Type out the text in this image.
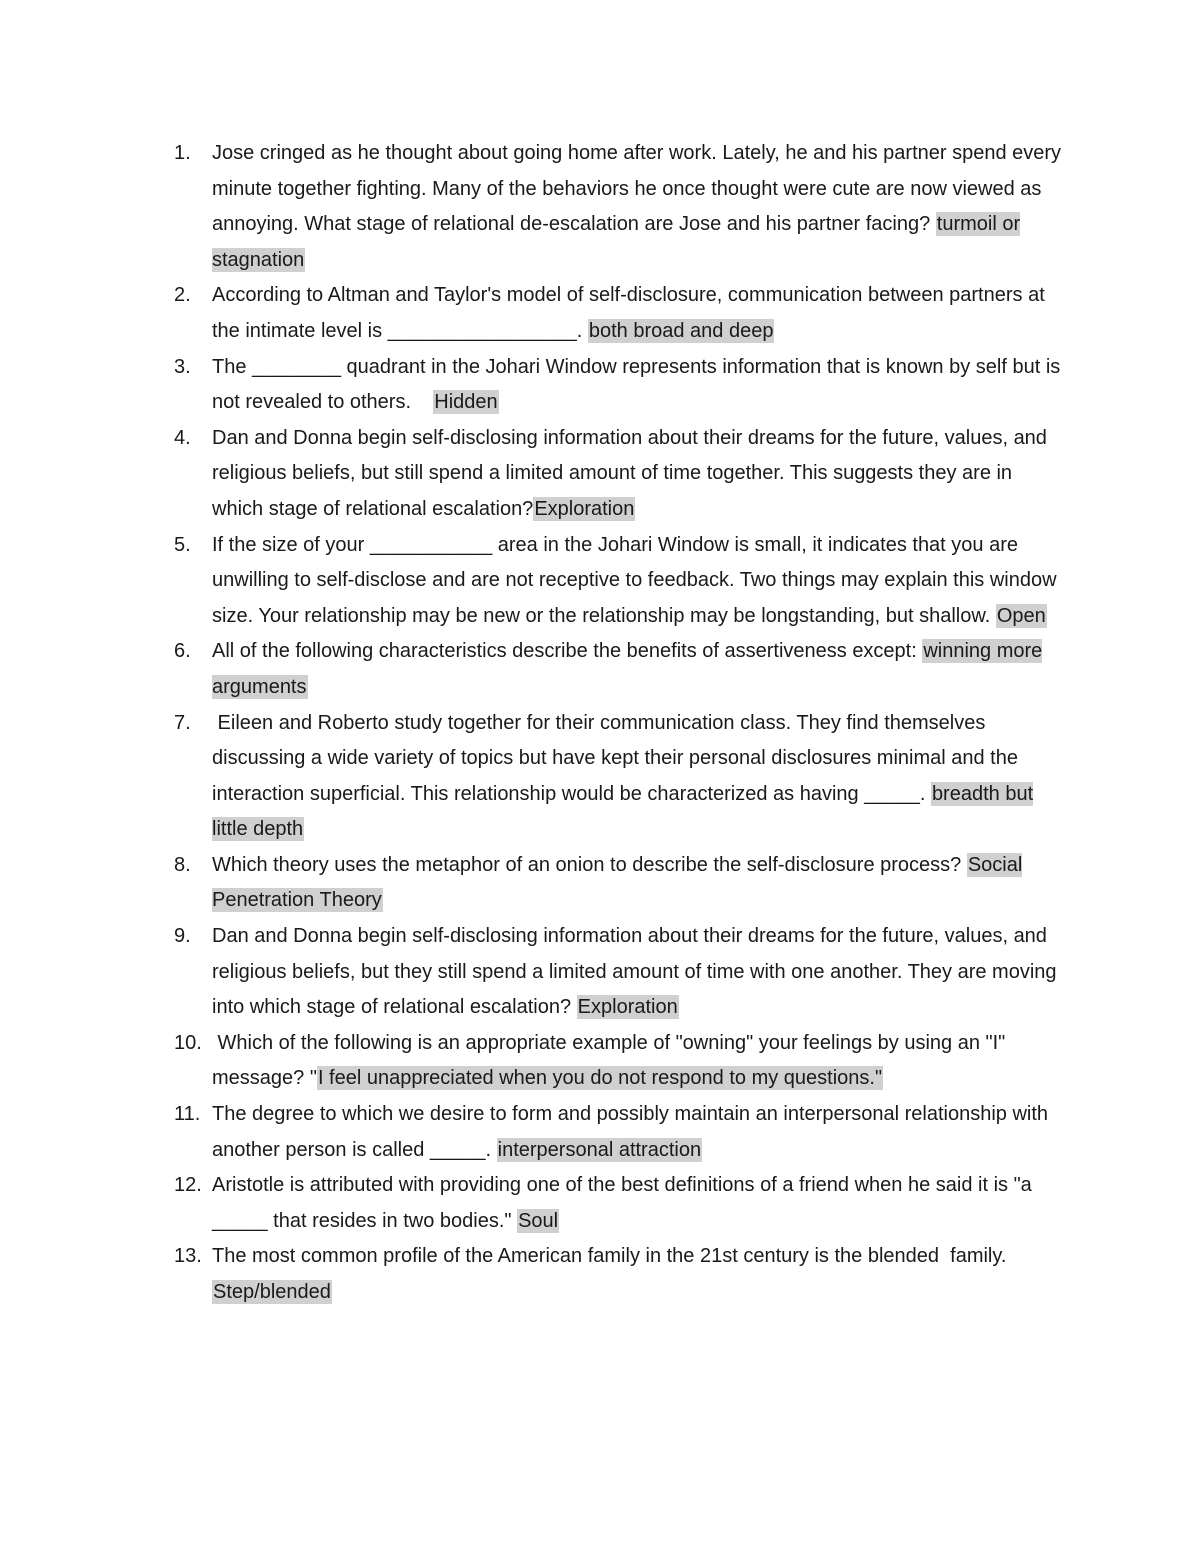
1.	Jose cringed as he thought about going home after work. Lately, he and his partner spend every minute together fighting. Many of the behaviors he once thought were cute are now viewed as annoying. What stage of relational de-escalation are Jose and his partner facing? turmoil or stagnation
2.	According to Altman and Taylor's model of self-disclosure, communication between partners at the intimate level is _________________. both broad and deep
3.	The ________ quadrant in the Johari Window represents information that is known by self but is not revealed to others.    Hidden
4.	Dan and Donna begin self-disclosing information about their dreams for the future, values, and religious beliefs, but still spend a limited amount of time together. This suggests they are in which stage of relational escalation?Exploration
5.	If the size of your ___________ area in the Johari Window is small, it indicates that you are unwilling to self-disclose and are not receptive to feedback. Two things may explain this window size. Your relationship may be new or the relationship may be longstanding, but shallow. Open
6.	All of the following characteristics describe the benefits of assertiveness except: winning more arguments
7.	Eileen and Roberto study together for their communication class. They find themselves discussing a wide variety of topics but have kept their personal disclosures minimal and the interaction superficial. This relationship would be characterized as having _____. breadth but little depth
8.	Which theory uses the metaphor of an onion to describe the self-disclosure process? Social Penetration Theory
9.	Dan and Donna begin self-disclosing information about their dreams for the future, values, and religious beliefs, but they still spend a limited amount of time with one another. They are moving into which stage of relational escalation? Exploration
10. Which of the following is an appropriate example of "owning" your feelings by using an "I" message? "I feel unappreciated when you do not respond to my questions."
11. The degree to which we desire to form and possibly maintain an interpersonal relationship with another person is called _____. interpersonal attraction
12. Aristotle is attributed with providing one of the best definitions of a friend when he said it is "a _____ that resides in two bodies." Soul
13. The most common profile of the American family in the 21st century is the blended  family. Step/blended
